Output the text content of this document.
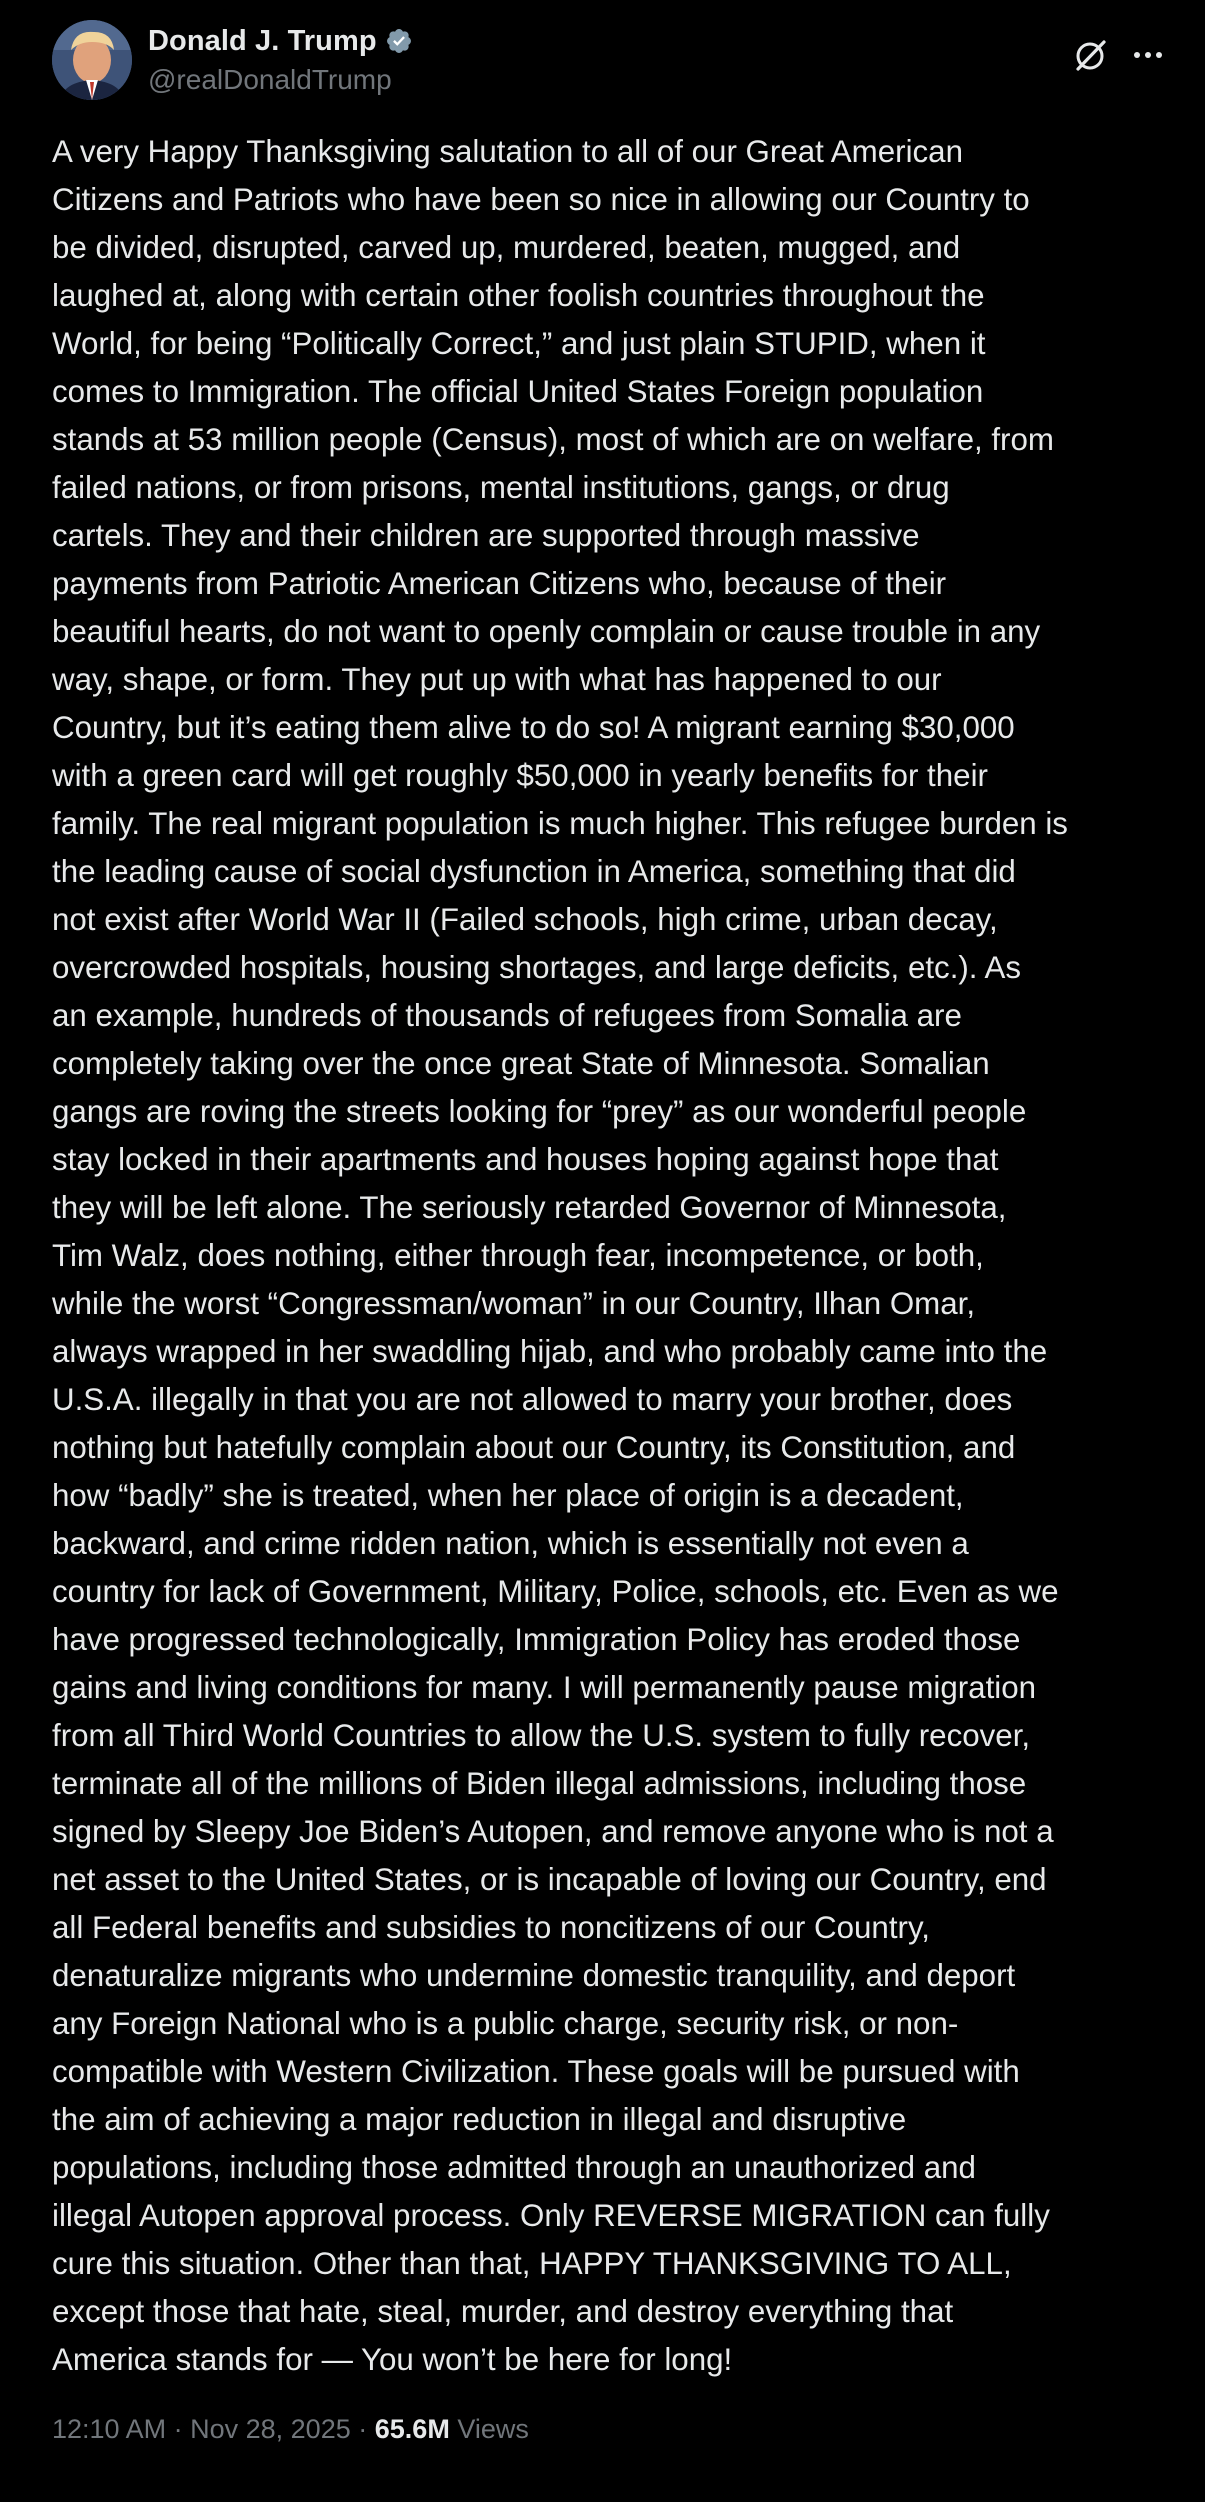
Donald J. Trump
@realDonaldTrump

A very Happy Thanksgiving salutation to all of our Great American
Citizens and Patriots who have been so nice in allowing our Country to
be divided, disrupted, carved up, murdered, beaten, mugged, and
laughed at, along with certain other foolish countries throughout the
World, for being “Politically Correct,” and just plain STUPID, when it
comes to Immigration. The official United States Foreign population
stands at 53 million people (Census), most of which are on welfare, from
failed nations, or from prisons, mental institutions, gangs, or drug
cartels. They and their children are supported through massive
payments from Patriotic American Citizens who, because of their
beautiful hearts, do not want to openly complain or cause trouble in any
way, shape, or form. They put up with what has happened to our
Country, but it’s eating them alive to do so! A migrant earning $30,000
with a green card will get roughly $50,000 in yearly benefits for their
family. The real migrant population is much higher. This refugee burden is
the leading cause of social dysfunction in America, something that did
not exist after World War II (Failed schools, high crime, urban decay,
overcrowded hospitals, housing shortages, and large deficits, etc.). As
an example, hundreds of thousands of refugees from Somalia are
completely taking over the once great State of Minnesota. Somalian
gangs are roving the streets looking for “prey” as our wonderful people
stay locked in their apartments and houses hoping against hope that
they will be left alone. The seriously retarded Governor of Minnesota,
Tim Walz, does nothing, either through fear, incompetence, or both,
while the worst “Congressman/woman” in our Country, Ilhan Omar,
always wrapped in her swaddling hijab, and who probably came into the
U.S.A. illegally in that you are not allowed to marry your brother, does
nothing but hatefully complain about our Country, its Constitution, and
how “badly” she is treated, when her place of origin is a decadent,
backward, and crime ridden nation, which is essentially not even a
country for lack of Government, Military, Police, schools, etc. Even as we
have progressed technologically, Immigration Policy has eroded those
gains and living conditions for many. I will permanently pause migration
from all Third World Countries to allow the U.S. system to fully recover,
terminate all of the millions of Biden illegal admissions, including those
signed by Sleepy Joe Biden’s Autopen, and remove anyone who is not a
net asset to the United States, or is incapable of loving our Country, end
all Federal benefits and subsidies to noncitizens of our Country,
denaturalize migrants who undermine domestic tranquility, and deport
any Foreign National who is a public charge, security risk, or non-
compatible with Western Civilization. These goals will be pursued with
the aim of achieving a major reduction in illegal and disruptive
populations, including those admitted through an unauthorized and
illegal Autopen approval process. Only REVERSE MIGRATION can fully
cure this situation. Other than that, HAPPY THANKSGIVING TO ALL,
except those that hate, steal, murder, and destroy everything that
America stands for — You won’t be here for long!

12:10 AM · Nov 28, 2025 · 65.6M Views
